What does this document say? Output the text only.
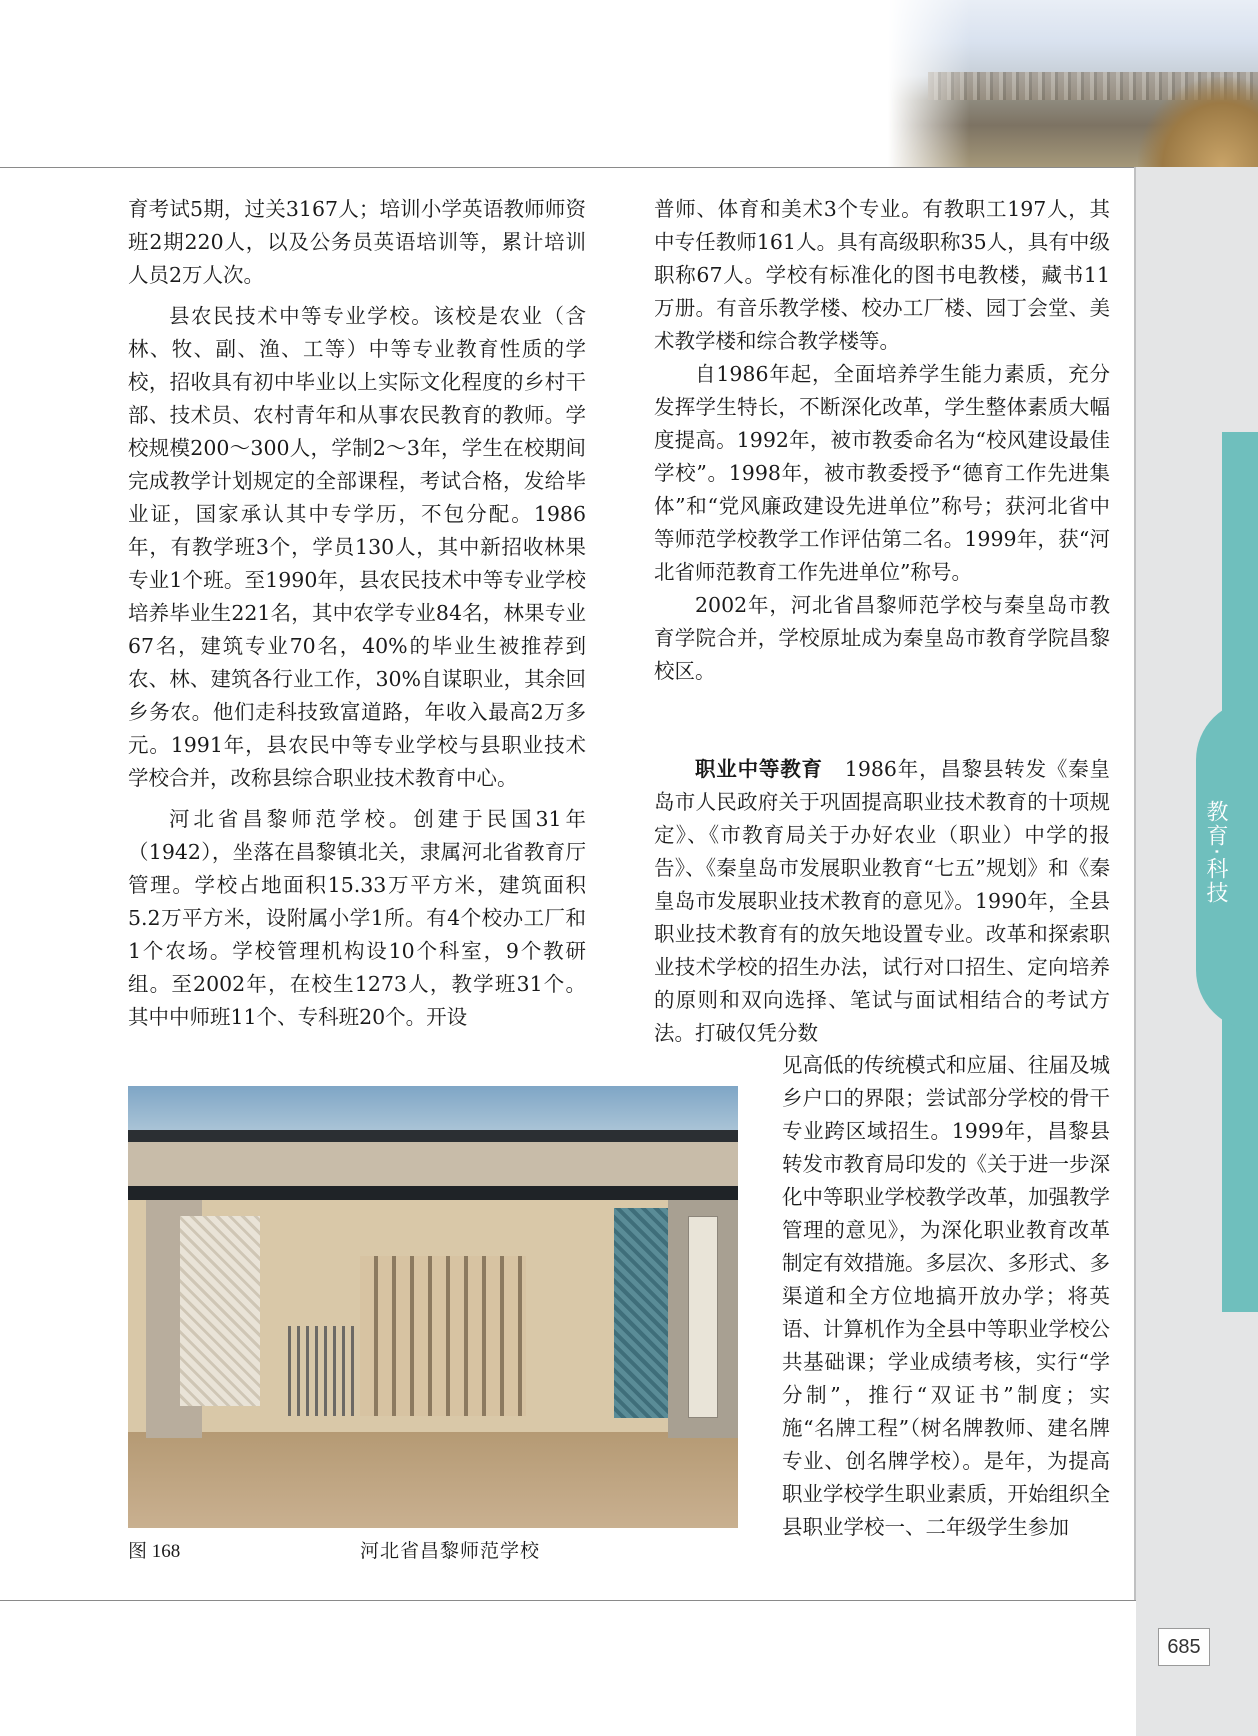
教育·科技

育考试5期，过关3167人；培训小学英语教师师资班2期220人，以及公务员英语培训等，累计培训人员2万人次。

县农民技术中等专业学校。该校是农业（含林、牧、副、渔、工等）中等专业教育性质的学校，招收具有初中毕业以上实际文化程度的乡村干部、技术员、农村青年和从事农民教育的教师。学校规模200～300人，学制2～3年，学生在校期间完成教学计划规定的全部课程，考试合格，发给毕业证，国家承认其中专学历，不包分配。1986年，有教学班3个，学员130人，其中新招收林果专业1个班。至1990年，县农民技术中等专业学校培养毕业生221名，其中农学专业84名，林果专业67名，建筑专业70名，40%的毕业生被推荐到农、林、建筑各行业工作，30%自谋职业，其余回乡务农。他们走科技致富道路，年收入最高2万多元。1991年，县农民中等专业学校与县职业技术学校合并，改称县综合职业技术教育中心。

河北省昌黎师范学校。创建于民国31年（1942），坐落在昌黎镇北关，隶属河北省教育厅管理。学校占地面积15.33万平方米，建筑面积5.2万平方米，设附属小学1所。有4个校办工厂和1个农场。学校管理机构设10个科室，9个教研组。至2002年，在校生1273人，教学班31个。其中中师班11个、专科班20个。开设

普师、体育和美术3个专业。有教职工197人，其中专任教师161人。具有高级职称35人，具有中级职称67人。学校有标准化的图书电教楼，藏书11万册。有音乐教学楼、校办工厂楼、园丁会堂、美术教学楼和综合教学楼等。

自1986年起，全面培养学生能力素质，充分发挥学生特长，不断深化改革，学生整体素质大幅度提高。1992年，被市教委命名为“校风建设最佳学校”。1998年，被市教委授予“德育工作先进集体”和“党风廉政建设先进单位”称号；获河北省中等师范学校教学工作评估第二名。1999年，获“河北省师范教育工作先进单位”称号。

2002年，河北省昌黎师范学校与秦皇岛市教育学院合并，学校原址成为秦皇岛市教育学院昌黎校区。

职业中等教育 1986年，昌黎县转发《秦皇岛市人民政府关于巩固提高职业技术教育的十项规定》、《市教育局关于办好农业（职业）中学的报告》、《秦皇岛市发展职业教育“七五”规划》和《秦皇岛市发展职业技术教育的意见》。1990年，全县职业技术教育有的放矢地设置专业。改革和探索职业技术学校的招生办法，试行对口招生、定向培养的原则和双向选择、笔试与面试相结合的考试方法。打破仅凭分数

见高低的传统模式和应届、往届及城乡户口的界限；尝试部分学校的骨干专业跨区域招生。1999年，昌黎县转发市教育局印发的《关于进一步深化中等职业学校教学改革，加强教学管理的意见》，为深化职业教育改革制定有效措施。多层次、多形式、多渠道和全方位地搞开放办学；将英语、计算机作为全县中等职业学校公共基础课；学业成绩考核，实行“学分制”，推行“双证书”制度；实施“名牌工程”（树名牌教师、建名牌专业、创名牌学校）。是年，为提高职业学校学生职业素质，开始组织全县职业学校一、二年级学生参加

图 168	河北省昌黎师范学校
685
